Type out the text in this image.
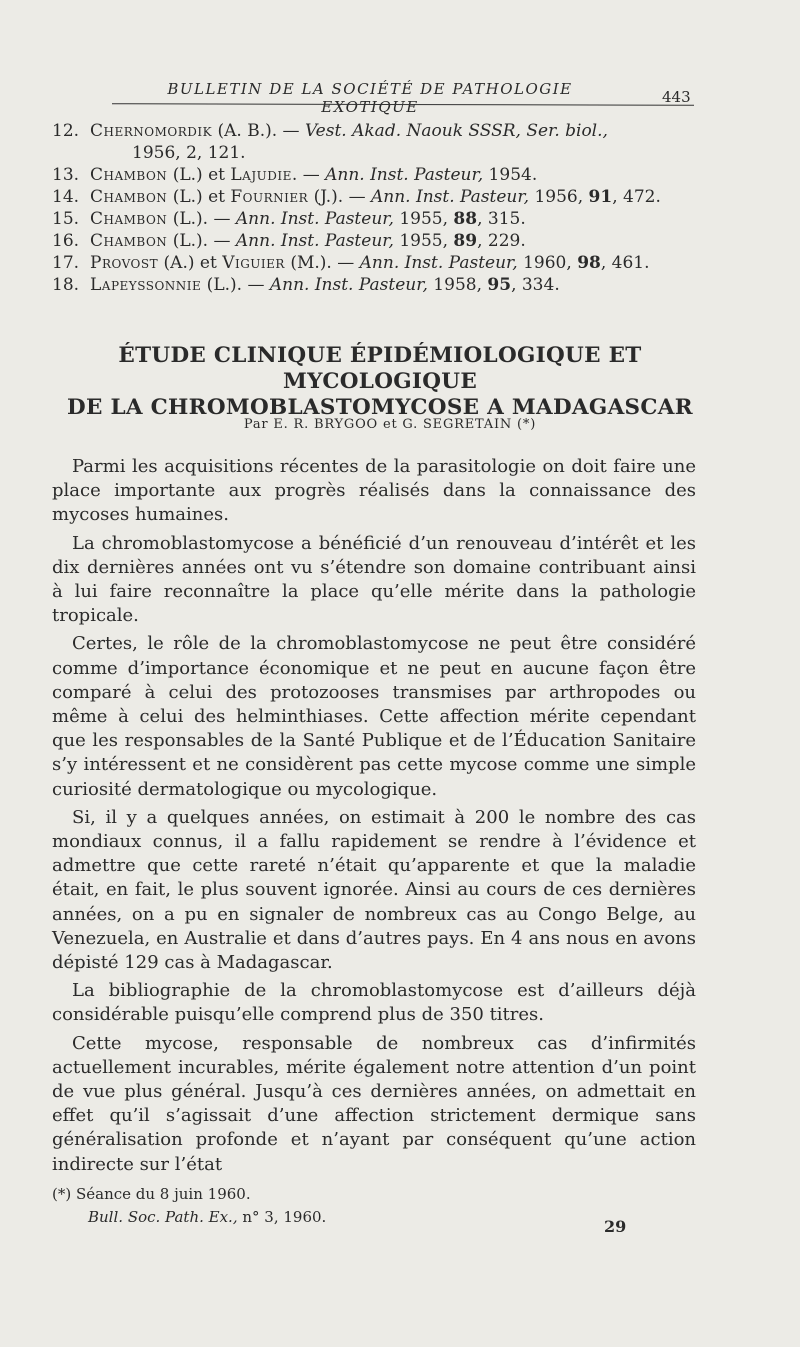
BULLETIN DE LA SOCIÉTÉ DE PATHOLOGIE EXOTIQUE
443
12. Chernomordik (A. B.). — Vest. Akad. Naouk SSSR, Ser. biol.,
1956, 2, 121.
13. Chambon (L.) et Lajudie. — Ann. Inst. Pasteur, 1954.
14. Chambon (L.) et Fournier (J.). — Ann. Inst. Pasteur, 1956, 91, 472.
15. Chambon (L.). — Ann. Inst. Pasteur, 1955, 88, 315.
16. Chambon (L.). — Ann. Inst. Pasteur, 1955, 89, 229.
17. Provost (A.) et Viguier (M.). — Ann. Inst. Pasteur, 1960, 98, 461.
18. Lapeyssonnie (L.). — Ann. Inst. Pasteur, 1958, 95, 334.
ÉTUDE CLINIQUE ÉPIDÉMIOLOGIQUE ET MYCOLOGIQUE
DE LA CHROMOBLASTOMYCOSE A MADAGASCAR
Par E. R. BRYGOO et G. SEGRETAIN (*)

Parmi les acquisitions récentes de la parasitologie on doit faire une place importante aux progrès réalisés dans la connaissance des mycoses humaines.

La chromoblastomycose a bénéficié d’un renouveau d’intérêt et les dix dernières années ont vu s’étendre son domaine contribuant ainsi à lui faire reconnaître la place qu’elle mérite dans la pathologie tropicale.

Certes, le rôle de la chromoblastomycose ne peut être considéré comme d’importance économique et ne peut en aucune façon être comparé à celui des protozooses transmises par arthropodes ou même à celui des helminthiases. Cette affection mérite cependant que les responsables de la Santé Publique et de l’Éducation Sanitaire s’y intéressent et ne considèrent pas cette mycose comme une simple curiosité dermatologique ou mycologique.

Si, il y a quelques années, on estimait à 200 le nombre des cas mondiaux connus, il a fallu rapidement se rendre à l’évidence et admettre que cette rareté n’était qu’apparente et que la maladie était, en fait, le plus souvent ignorée. Ainsi au cours de ces dernières années, on a pu en signaler de nombreux cas au Congo Belge, au Venezuela, en Australie et dans d’autres pays. En 4 ans nous en avons dépisté 129 cas à Madagascar.

La bibliographie de la chromoblastomycose est d’ailleurs déjà considérable puisqu’elle comprend plus de 350 titres.

Cette mycose, responsable de nombreux cas d’infirmités actuellement incurables, mérite également notre attention d’un point de vue plus général. Jusqu’à ces dernières années, on admettait en effet qu’il s’agissait d’une affection strictement dermique sans généralisation profonde et n’ayant par conséquent qu’une action indirecte sur l’état

(*) Séance du 8 juin 1960.
Bull. Soc. Path. Ex., n° 3, 1960.	29
